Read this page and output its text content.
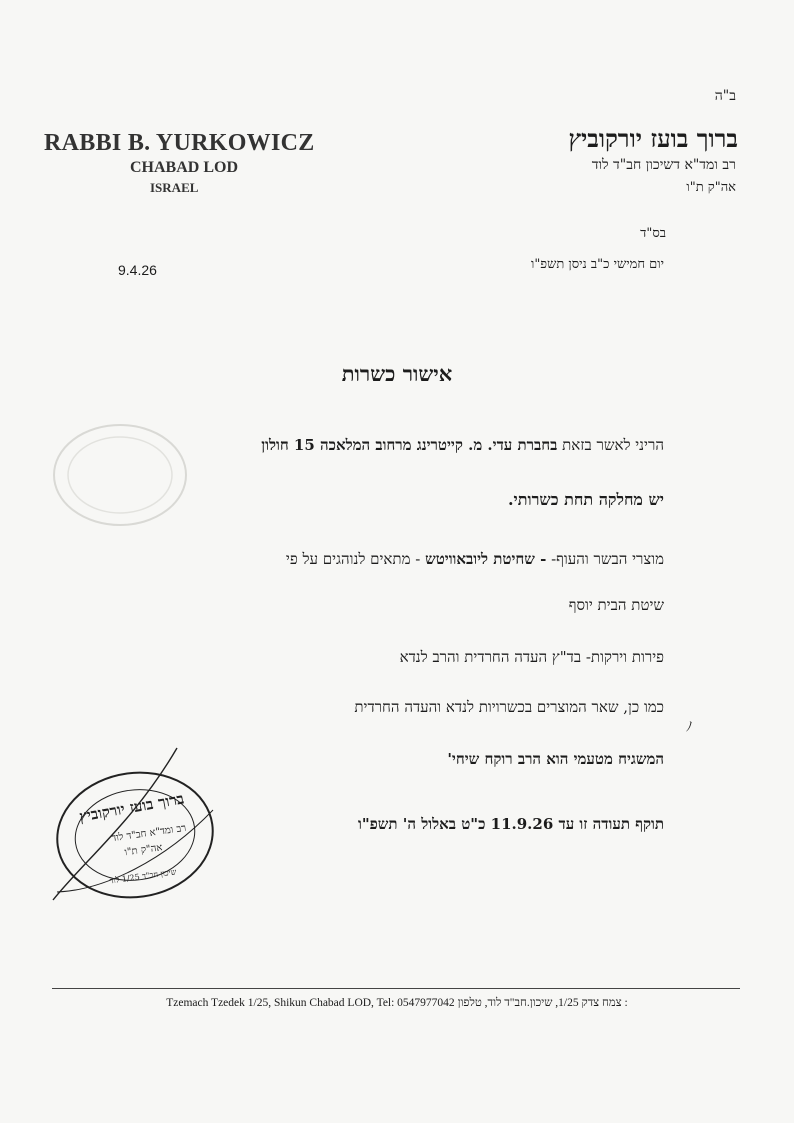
ב"ה
ברוך בועז יורקוביץ
רב ומד"א דשיכון חב"ד לוד
אה"ק ת"ו
RABBI B. YURKOWICZ
CHABAD LOD
ISRAEL
בס"ד
יום חמישי כ"ב ניסן תשפ"ו
9.4.26
אישור כשרות
הריני לאשר בזאת בחברת עדי. מ. קייטרינג מרחוב המלאכה 15 חולון
יש מחלקה תחת כשרותי.
מוצרי הבשר והעוף- - שחיטת ליובאוויטש - מתאים לנוהגים על פי
שיטת הבית יוסף
פירות וירקות- בד"ץ העדה החרדית והרב לנדא
כמו כן, שאר המוצרים בכשרויות לנדא והעדה החרדית
המשגיח מטעמי הוא הרב רוקח שיחי'
תוקף תעודה זו עד 11.9.26 כ"ט באלול ה' תשפ"ו
ﾉ
ברוך בועז יורקוביץ
רב ומד"א חב"ד לוד
אה"ק ת"ו
שיכון חב"ד 1/25 לוד
Tzemach Tzedek 1/25, Shikun Chabad LOD, Tel: 0547977042 : צמח צדק 1/25, שיכון.חב"ד לוד, טלפון
